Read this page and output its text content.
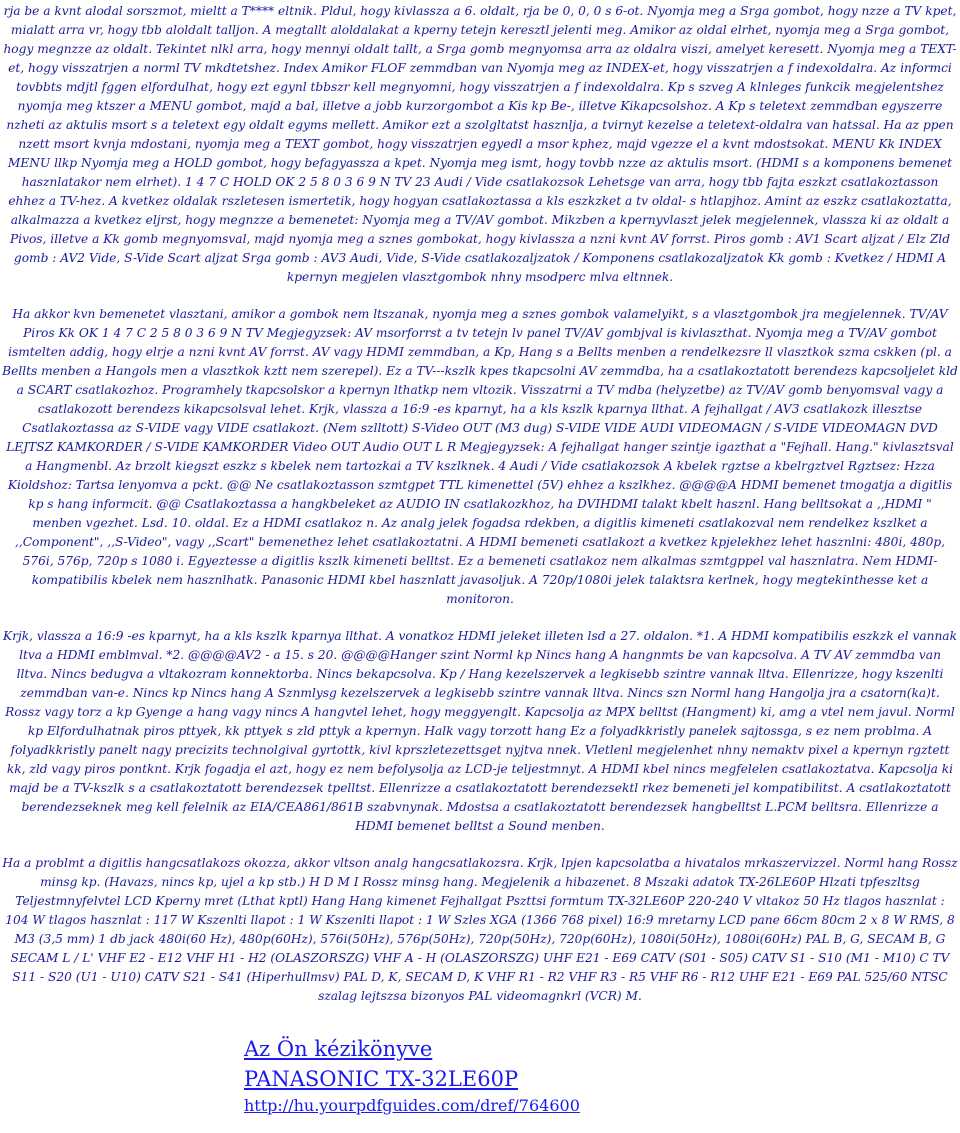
rja be a kvnt alodal sorszmot, mieltt a T**** eltnik. Pldul, hogy kivlassza a 6. oldalt, rja be 0, 0, 0 s 6-ot. Nyomja meg a Srga gombot, hogy nzze a TV kpet, mialatt arra vr, hogy tbb aloldalt talljon. A megtallt aloldalakat a kperny tetejn keresztl jelenti meg. Amikor az oldal elrhet, nyomja meg a Srga gombot, hogy megnzze az oldalt. Tekintet nlkl arra, hogy mennyi oldalt tallt, a Srga gomb megnyomsa arra az oldalra viszi, amelyet keresett. Nyomja meg a TEXT-et, hogy visszatrjen a norml TV mkdtetshez. Index Amikor FLOF zemmdban van Nyomja meg az INDEX-et, hogy visszatrjen a f indexoldalra. Az informci tovbbts mdjtl fggen elfordulhat, hogy ezt egynl tbbszr kell megnyomni, hogy visszatrjen a f indexoldalra. Kp s szveg A klnleges funkcik megjelentshez nyomja meg ktszer a MENU gombot, majd a bal, illetve a jobb kurzorgombot a Kis kp Be-, illetve Kikapcsolshoz. A Kp s teletext zemmdban egyszerre nzheti az aktulis msort s a teletext egy oldalt egyms mellett. Amikor ezt a szolgltatst hasznlja, a tvirnyt kezelse a teletext-oldalra van hatssal. Ha az ppen nzett msort kvnja mdostani, nyomja meg a TEXT gombot, hogy visszatrjen egyedl a msor kphez, majd vgezze el a kvnt mdostsokat. MENU Kk INDEX MENU llkp Nyomja meg a HOLD gombot, hogy befagyassza a kpet. Nyomja meg ismt, hogy tovbb nzze az aktulis msort. (HDMI s a komponens bemenet hasznlatakor nem elrhet). 1 4 7 C HOLD OK 2 5 8 0 3 6 9 N TV 23 Audi / Vide csatlakozsok Lehetsge van arra, hogy tbb fajta eszkzt csatlakoztasson ehhez a TV-hez. A kvetkez oldalak rszletesen ismertetik, hogy hogyan csatlakoztassa a kls eszkzket a tv oldal- s htlapjhoz. Amint az eszkz csatlakoztatta, alkalmazza a kvetkez eljrst, hogy megnzze a bemenetet: Nyomja meg a TV/AV gombot. Mikzben a kpernyvlaszt jelek megjelennek, vlassza ki az oldalt a Pivos, illetve a Kk gomb megnyomsval, majd nyomja meg a sznes gombokat, hogy kivlassza a nzni kvnt AV forrst. Piros gomb : AV1 Scart aljzat / Elz Zld gomb : AV2 Vide, S-Vide Scart aljzat Srga gomb : AV3 Audi, Vide, S-Vide csatlakozaljzatok / Komponens csatlakozaljzatok Kk gomb : Kvetkez / HDMI A kpernyn megjelen vlasztgombok nhny msodperc mlva eltnnek.

Ha akkor kvn bemenetet vlasztani, amikor a gombok nem ltszanak, nyomja meg a sznes gombok valamelyikt, s a vlasztgombok jra megjelennek. TV/AV Piros Kk OK 1 4 7 C 2 5 8 0 3 6 9 N TV Megjegyzsek: AV msorforrst a tv tetejn lv panel TV/AV gombjval is kivlaszthat. Nyomja meg a TV/AV gombot ismtelten addig, hogy elrje a nzni kvnt AV forrst. AV vagy HDMI zemmdban, a Kp, Hang s a Bellts menben a rendelkezsre ll vlasztkok szma cskken (pl. a Bellts menben a Hangols men a vlasztkok kztt nem szerepel). Ez a TV---kszlk kpes tkapcsolni AV zemmdba, ha a csatlakoztatott berendezs kapcsoljelet kld a SCART csatlakozhoz. Programhely tkapcsolskor a kpernyn lthatkp nem vltozik. Visszatrni a TV mdba (helyzetbe) az TV/AV gomb benyomsval vagy a csatlakozott berendezs kikapcsolsval lehet. Krjk, vlassza a 16:9 -es kparnyt, ha a kls kszlk kparnya llthat. A fejhallgat / AV3 csatlakozk illesztse Csatlakoztassa az S-VIDE vagy VIDE csatlakozt. (Nem szlltott) S-Video OUT (M3 dug) S-VIDE VIDE AUDI VIDEOMAGN / S-VIDE VIDEOMAGN DVD LEJTSZ KAMKORDER / S-VIDE KAMKORDER Video OUT Audio OUT L R Megjegyzsek: A fejhallgat hanger szintje igazthat a "Fejhall. Hang." kivlasztsval a Hangmenbl. Az brzolt kiegszt eszkz s kbelek nem tartozkai a TV kszlknek. 4 Audi / Vide csatlakozsok A kbelek rgztse a kbelrgztvel Rgztsez: Hzza Kioldshoz: Tartsa lenyomva a pckt. @@ Ne csatlakoztasson szmtgpet TTL kimenettel (5V) ehhez a kszlkhez. @@@@A HDMI bemenet tmogatja a digitlis kp s hang informcit. @@ Csatlakoztassa a hangkbeleket az AUDIO IN csatlakozkhoz, ha DVIHDMI talakt kbelt hasznl. Hang belltsokat a ,,HDMI " menben vgezhet. Lsd. 10. oldal. Ez a HDMI csatlakoz n. Az analg jelek fogadsa rdekben, a digitlis kimeneti csatlakozval nem rendelkez kszlket a ,,Component", ,,S-Video", vagy ,,Scart" bemenethez lehet csatlakoztatni. A HDMI bemeneti csatlakozt a kvetkez kpjelekhez lehet hasznlni: 480i, 480p, 576i, 576p, 720p s 1080 i. Egyeztesse a digitlis kszlk kimeneti belltst. Ez a bemeneti csatlakoz nem alkalmas szmtgppel val hasznlatra. Nem HDMI-kompatibilis kbelek nem hasznlhatk. Panasonic HDMI kbel hasznlatt javasoljuk. A 720p/1080i jelek talaktsra kerlnek, hogy megtekinthesse ket a monitoron.

Krjk, vlassza a 16:9 -es kparnyt, ha a kls kszlk kparnya llthat. A vonatkoz HDMI jeleket illeten lsd a 27. oldalon. *1. A HDMI kompatibilis eszkzk el vannak ltva a HDMI emblmval. *2. @@@@AV2 - a 15. s 20. @@@@Hanger szint Norml kp Nincs hang A hangnmts be van kapcsolva. A TV AV zemmdba van lltva. Nincs bedugva a vltakozram konnektorba. Nincs bekapcsolva. Kp / Hang kezelszervek a legkisebb szintre vannak lltva. Ellenrizze, hogy kszenlti zemmdban van-e. Nincs kp Nincs hang A Sznmlysg kezelszervek a legkisebb szintre vannak lltva. Nincs szn Norml hang Hangolja jra a csatorn(ka)t. Rossz vagy torz a kp Gyenge a hang vagy nincs A hangvtel lehet, hogy meggyenglt. Kapcsolja az MPX belltst (Hangment) ki, amg a vtel nem javul. Norml kp Elfordulhatnak piros pttyek, kk pttyek s zld pttyk a kpernyn. Halk vagy torzott hang Ez a folyadkkristly panelek sajtossga, s ez nem problma. A folyadkkristly panelt nagy precizits technolgival gyrtottk, kivl kprszletezettsget nyjtva nnek. Vletlenl megjelenhet nhny nemaktv pixel a kpernyn rgztett kk, zld vagy piros pontknt. Krjk fogadja el azt, hogy ez nem befolysolja az LCD-je teljestmnyt. A HDMI kbel nincs megfelelen csatlakoztatva. Kapcsolja ki majd be a TV-kszlk s a csatlakoztatott berendezsek tpelltst. Ellenrizze a csatlakoztatott berendezsektl rkez bemeneti jel kompatibilitst. A csatlakoztatott berendezseknek meg kell felelnik az EIA/CEA861/861B szabvnynak. Mdostsa a csatlakoztatott berendezsek hangbelltst L.PCM belltsra. Ellenrizze a HDMI bemenet belltst a Sound menben.

Ha a problmt a digitlis hangcsatlakozs okozza, akkor vltson analg hangcsatlakozsra. Krjk, lpjen kapcsolatba a hivatalos mrkaszervizzel. Norml hang Rossz minsg kp. (Havazs, nincs kp, ujel a kp stb.) H D M I Rossz minsg hang. Megjelenik a hibazenet. 8 Mszaki adatok TX-26LE60P Hlzati tpfeszltsg Teljestmnyfelvtel LCD Kperny mret (Lthat kptl) Hang Hang kimenet Fejhallgat Pszttsi formtum TX-32LE60P 220-240 V vltakoz 50 Hz tlagos hasznlat : 104 W tlagos hasznlat : 117 W Kszenlti llapot : 1 W Kszenlti llapot : 1 W Szles XGA (1366 768 pixel) 16:9 mretarny LCD pane 66cm 80cm 2 x 8 W RMS, 8 M3 (3,5 mm) 1 db jack 480i(60 Hz), 480p(60Hz), 576i(50Hz), 576p(50Hz), 720p(50Hz), 720p(60Hz), 1080i(50Hz), 1080i(60Hz) PAL B, G, SECAM B, G SECAM L / L' VHF E2 - E12 VHF H1 - H2 (OLASZORSZG) VHF A - H (OLASZORSZG) UHF E21 - E69 CATV (S01 - S05) CATV S1 - S10 (M1 - M10) C TV S11 - S20 (U1 - U10) CATV S21 - S41 (Hiperhullmsv) PAL D, K, SECAM D, K VHF R1 - R2 VHF R3 - R5 VHF R6 - R12 UHF E21 - E69 PAL 525/60 NTSC szalag lejtszsa bizonyos PAL videomagnkrl (VCR) M.

Az Ön kézikönyve
PANASONIC TX-32LE60P
http://hu.yourpdfguides.com/dref/764600
